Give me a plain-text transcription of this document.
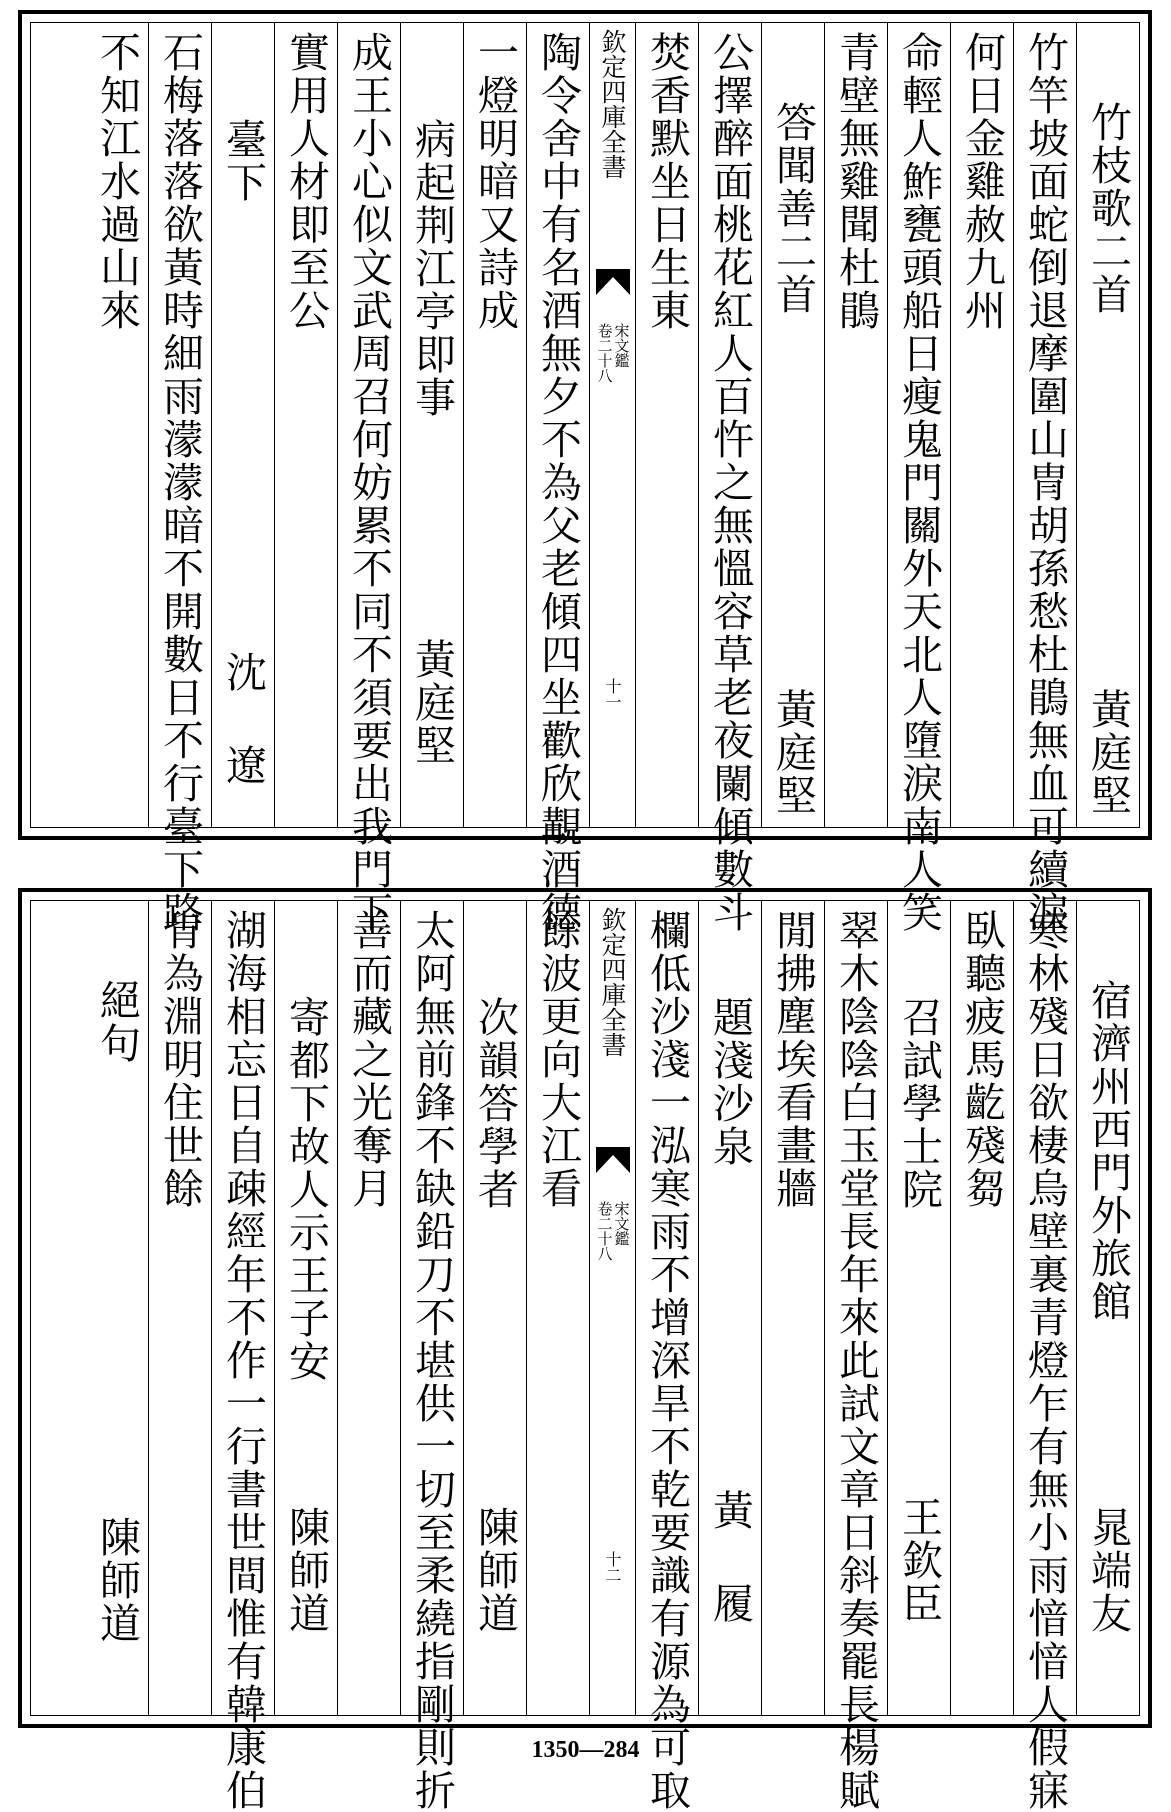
竹枝歌二首
黃庭堅
竹竿坡面蛇倒退摩圍山冑胡孫愁杜鵑無血可續淚
何日金雞赦九州
命輕人鮓甕頭船日瘦鬼門關外天北人墮淚南人笑
青壁無雞聞杜鵑
答聞善二首
黃庭堅
公擇醉面桃花紅人百忤之無慍容草老夜闌傾數斗
焚香默坐日生東
欽定四庫全書
宋文鑑
卷二十八
十一
陶令舍中有名酒無夕不為父老傾四坐歡欣覯酒德
一燈明暗又詩成
病起荆江亭即事
黃庭堅
成王小心似文武周召何妨累不同不須要出我門下
實用人材即至公
臺下
沈 遼
石梅落落欲黃時細雨濛濛暗不開數日不行臺下路
不知江水過山來
宿濟州西門外旅館
晁端友
寒林殘日欲棲烏壁裏青燈乍有無小雨愔愔人假寐
臥聽疲馬齕殘芻
召試學士院
王欽臣
翠木陰陰白玉堂長年來此試文章日斜奏罷長楊賦
閒拂塵埃看畫牆
題淺沙泉
黃 履
欄低沙淺一泓寒雨不增深旱不乾要識有源為可取
欽定四庫全書
宋文鑑
卷二十八
十二
餘波更向大江看
次韻答學者
陳師道
太阿無前鋒不缺鉛刀不堪供一切至柔繞指剛則折
善而藏之光奪月
寄都下故人示王子安
陳師道
湖海相忘日自疎經年不作一行書世間惟有韓康伯
肯為淵明住世餘
絕句
陳師道
1350—284
